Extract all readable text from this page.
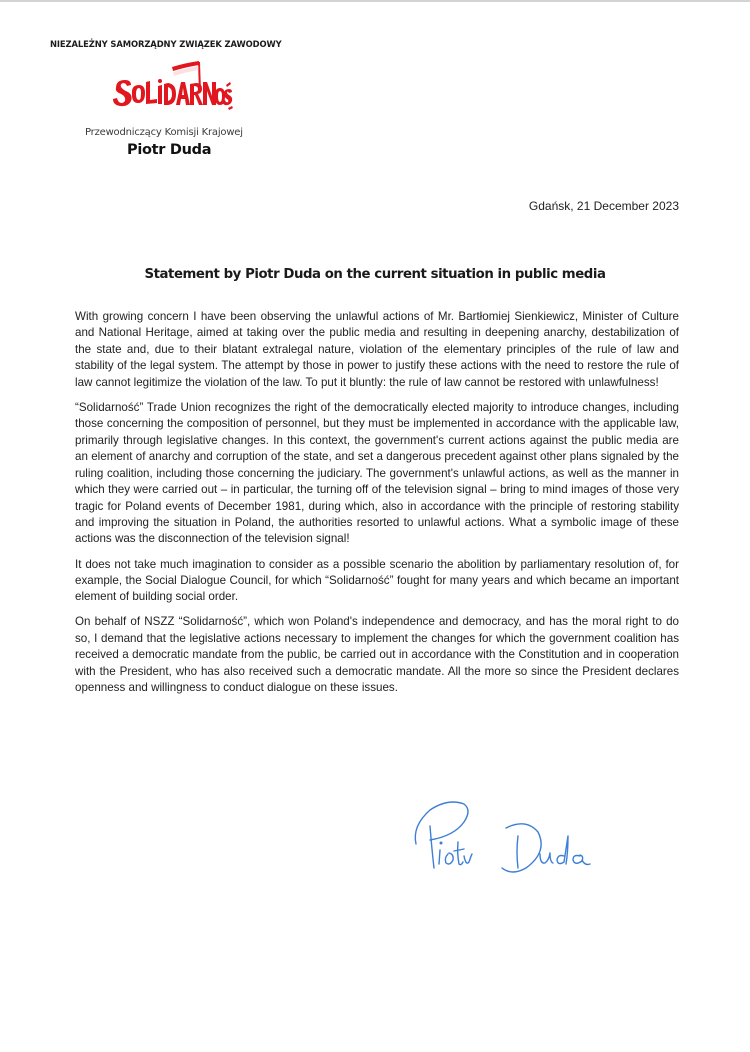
NIEZALEŻNY SAMORZĄDNY ZWIĄZEK ZAWODOWY
Przewodniczący Komisji Krajowej
Piotr Duda
Gdańsk, 21 December 2023
Statement by Piotr Duda on the current situation in public media

With growing concern I have been observing the unlawful actions of Mr. Bartłomiej Sienkiewicz, Minister of Culture and National Heritage, aimed at taking over the public media and resulting in deepening anarchy, destabilization of the state and, due to their blatant extralegal nature, violation of the elementary principles of the rule of law and stability of the legal system. The attempt by those in power to justify these actions with the need to restore the rule of law cannot legitimize the violation of the law. To put it bluntly: the rule of law cannot be restored with unlawfulness!

“Solidarność” Trade Union recognizes the right of the democratically elected majority to introduce changes, including those concerning the composition of personnel, but they must be implemented in accordance with the applicable law, primarily through legislative changes. In this context, the government's current actions against the public media are an element of anarchy and corruption of the state, and set a dangerous precedent against other plans signaled by the ruling coalition, including those concerning the judiciary. The government's unlawful actions, as well as the manner in which they were carried out – in particular, the turning off of the television signal – bring to mind images of those very tragic for Poland events of December 1981, during which, also in accordance with the principle of restoring stability and improving the situation in Poland, the authorities resorted to unlawful actions. What a symbolic image of these actions was the disconnection of the television signal!

It does not take much imagination to consider as a possible scenario the abolition by parliamentary resolution of, for example, the Social Dialogue Council, for which “Solidarność” fought for many years and which became an important element of building social order.

On behalf of NSZZ “Solidarność”, which won Poland's independence and democracy, and has the moral right to do so, I demand that the legislative actions necessary to implement the changes for which the government coalition has received a democratic mandate from the public, be carried out in accordance with the Constitution and in cooperation with the President, who has also received such a democratic mandate. All the more so since the President declares openness and willingness to conduct dialogue on these issues.
